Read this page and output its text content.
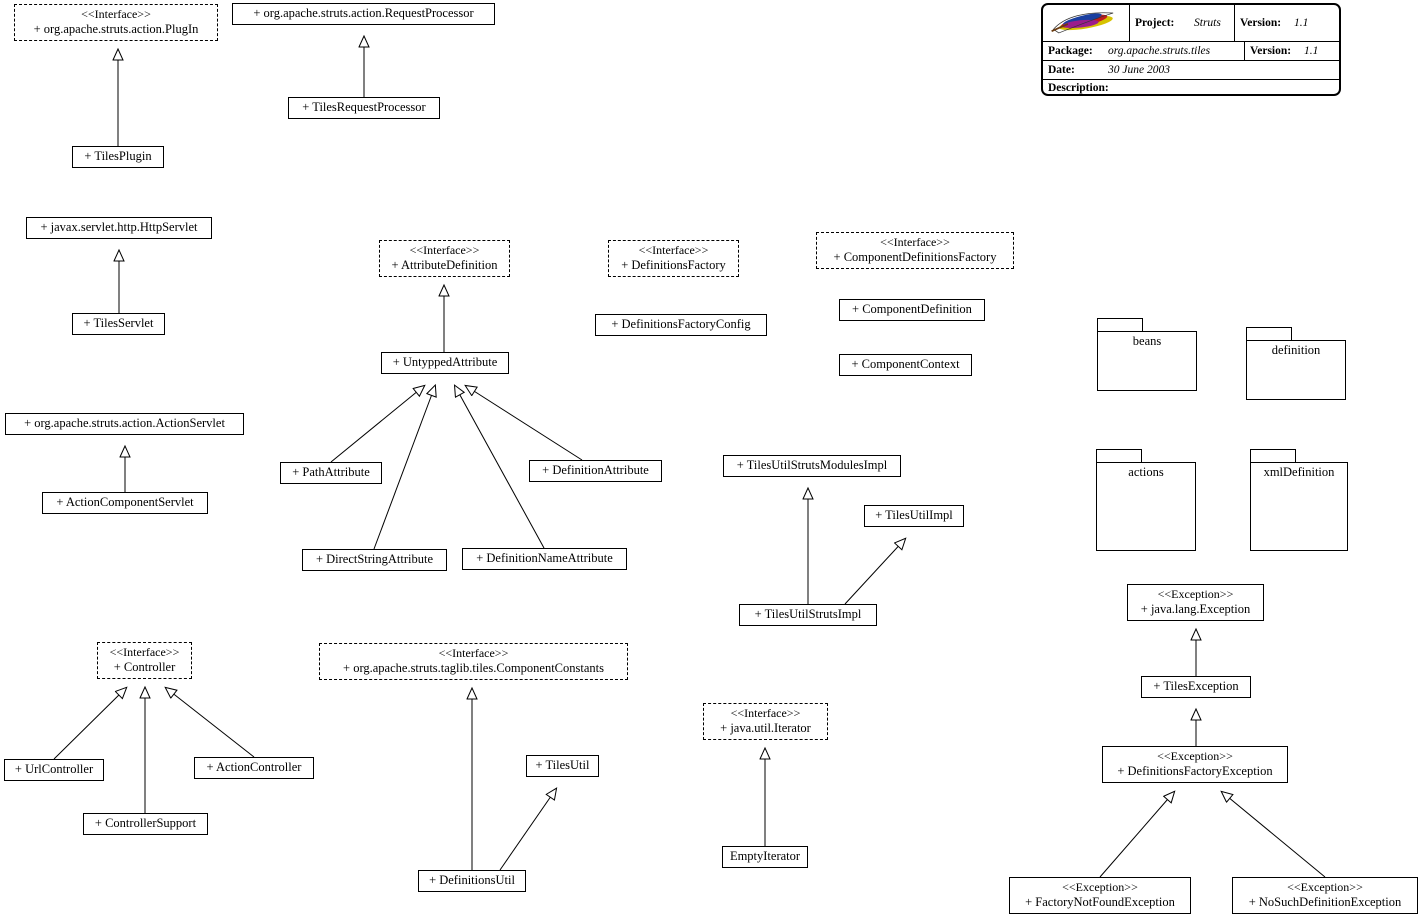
<<Interface>>
+ org.apache.struts.action.PlugIn
+ org.apache.struts.action.RequestProcessor
+ TilesRequestProcessor
+ TilesPlugin
+ javax.servlet.http.HttpServlet
+ TilesServlet
+ org.apache.struts.action.ActionServlet
+ ActionComponentServlet
<<Interface>>
+ AttributeDefinition
+ UntyppedAttribute
+ PathAttribute	+ DefinitionAttribute
+ DirectStringAttribute	+ DefinitionNameAttribute
<<Interface>>
+ DefinitionsFactory
+ DefinitionsFactoryConfig
<<Interface>>
+ ComponentDefinitionsFactory
+ ComponentDefinition
+ ComponentContext
+ TilesUtilStrutsModulesImpl
+ TilesUtilImpl
+ TilesUtilStrutsImpl
<<Interface>>
+ Controller
+ UrlController	+ ActionController
+ ControllerSupport
<<Interface>>
+ org.apache.struts.taglib.tiles.ComponentConstants
+ TilesUtil
+ DefinitionsUtil
<<Interface>>
+ java.util.Iterator
EmptyIterator
<<Exception>>
+ java.lang.Exception
+ TilesException
<<Exception>>
+ DefinitionsFactoryException
<<Exception>>
+ FactoryNotFoundException
<<Exception>>
+ NoSuchDefinitionException
beans
definition
actions	xmlDefinition
Project:	Struts	Version:	1.1
Package:	org.apache.struts.tiles	Version:	1.1
Date:	30 June 2003
Description:
